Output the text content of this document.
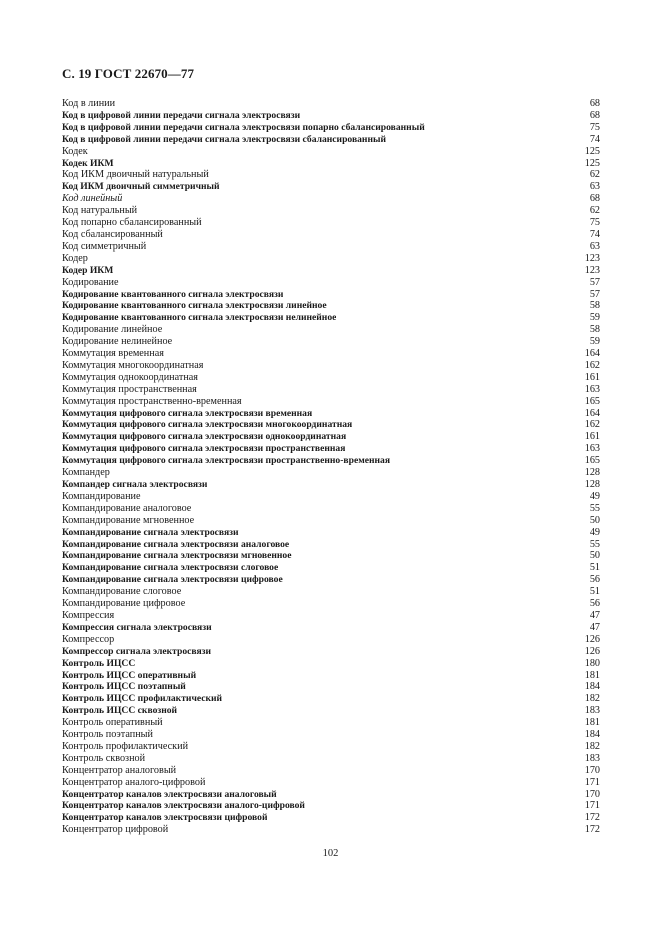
С. 19 ГОСТ 22670—77
Код в линии	68
Код в цифровой линии передачи сигнала электросвязи	68
Код в цифровой линии передачи сигнала электросвязи попарно сбалансированный	75
Код в цифровой линии передачи сигнала электросвязи сбалансированный	74
Кодек	125
Кодек ИКМ	125
Код ИКМ двоичный натуральный	62
Код ИКМ двоичный симметричный	63
Код линейный	68
Код натуральный	62
Код попарно сбалансированный	75
Код сбалансированный	74
Код симметричный	63
Кодер	123
Кодер ИКМ	123
Кодирование	57
Кодирование квантованного сигнала электросвязи	57
Кодирование квантованного сигнала электросвязи линейное	58
Кодирование квантованного сигнала электросвязи нелинейное	59
Кодирование линейное	58
Кодирование нелинейное	59
Коммутация временная	164
Коммутация многокоординатная	162
Коммутация однокоординатная	161
Коммутация пространственная	163
Коммутация пространственно-временная	165
Коммутация цифрового сигнала электросвязи временная	164
Коммутация цифрового сигнала электросвязи многокоординатная	162
Коммутация цифрового сигнала электросвязи однокоординатная	161
Коммутация цифрового сигнала электросвязи пространственная	163
Коммутация цифрового сигнала электросвязи пространственно-временная	165
Компандер	128
Компандер сигнала электросвязи	128
Компандирование	49
Компандирование аналоговое	55
Компандирование мгновенное	50
Компандирование сигнала электросвязи	49
Компандирование сигнала электросвязи аналоговое	55
Компандирование сигнала электросвязи мгновенное	50
Компандирование сигнала электросвязи слоговое	51
Компандирование сигнала электросвязи цифровое	56
Компандирование слоговое	51
Компандирование цифровое	56
Компрессия	47
Компрессия сигнала электросвязи	47
Компрессор	126
Компрессор сигнала электросвязи	126
Контроль ИЦСС	180
Контроль ИЦСС оперативный	181
Контроль ИЦСС поэтапный	184
Контроль ИЦСС профилактический	182
Контроль ИЦСС сквозной	183
Контроль оперативный	181
Контроль поэтапный	184
Контроль профилактический	182
Контроль сквозной	183
Концентратор аналоговый	170
Концентратор аналого-цифровой	171
Концентратор каналов электросвязи аналоговый	170
Концентратор каналов электросвязи аналого-цифровой	171
Концентратор каналов электросвязи цифровой	172
Концентратор цифровой	172
102
